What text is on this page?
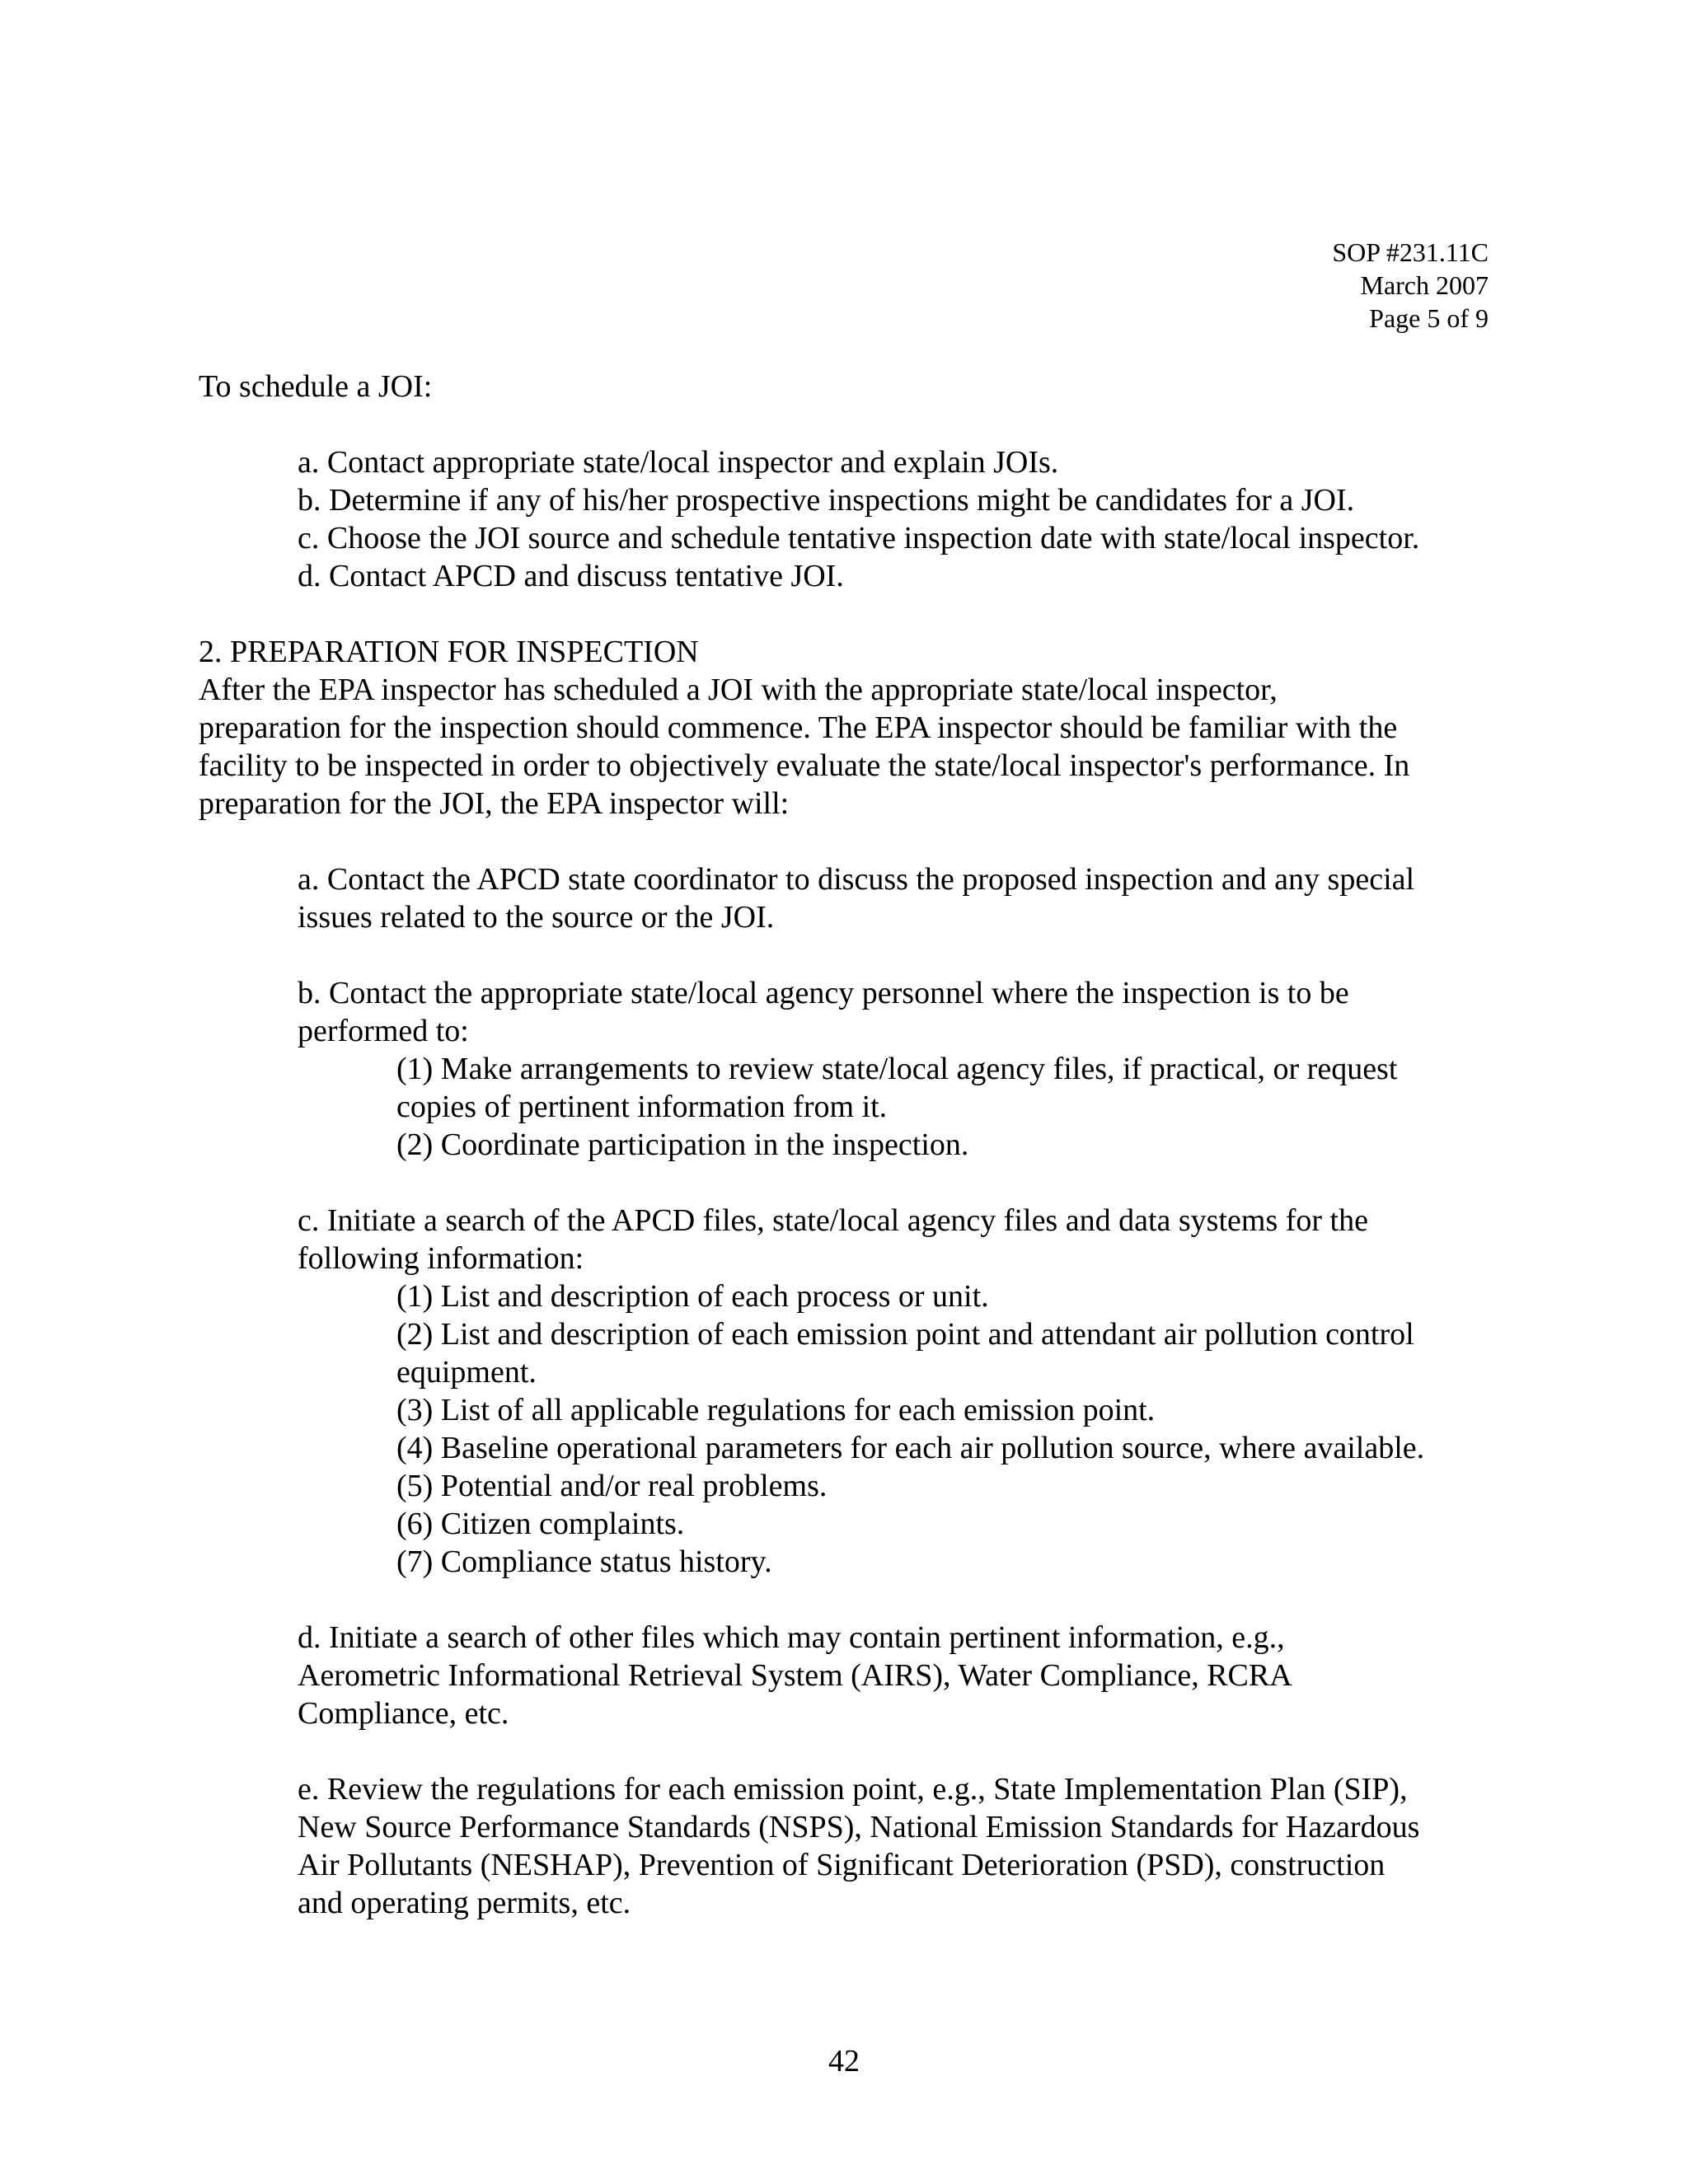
SOP #231.11C
March 2007
Page 5 of 9
To schedule a JOI:
a. Contact appropriate state/local inspector and explain JOIs.
b. Determine if any of his/her prospective inspections might be candidates for a JOI.
c. Choose the JOI source and schedule tentative inspection date with state/local inspector.
d. Contact APCD and discuss tentative JOI.
2. PREPARATION FOR INSPECTION
After the EPA inspector has scheduled a JOI with the appropriate state/local inspector,
preparation for the inspection should commence. The EPA inspector should be familiar with the
facility to be inspected in order to objectively evaluate the state/local inspector's performance. In
preparation for the JOI, the EPA inspector will:
a. Contact the APCD state coordinator to discuss the proposed inspection and any special
issues related to the source or the JOI.
b. Contact the appropriate state/local agency personnel where the inspection is to be
performed to:
(1) Make arrangements to review state/local agency files, if practical, or request
copies of pertinent information from it.
(2) Coordinate participation in the inspection.
c. Initiate a search of the APCD files, state/local agency files and data systems for the
following information:
(1) List and description of each process or unit.
(2) List and description of each emission point and attendant air pollution control
equipment.
(3) List of all applicable regulations for each emission point.
(4) Baseline operational parameters for each air pollution source, where available.
(5) Potential and/or real problems.
(6) Citizen complaints.
(7) Compliance status history.
d. Initiate a search of other files which may contain pertinent information, e.g.,
Aerometric Informational Retrieval System (AIRS), Water Compliance, RCRA
Compliance, etc.
e. Review the regulations for each emission point, e.g., State Implementation Plan (SIP),
New Source Performance Standards (NSPS), National Emission Standards for Hazardous
Air Pollutants (NESHAP), Prevention of Significant Deterioration (PSD), construction
and operating permits, etc.
42
